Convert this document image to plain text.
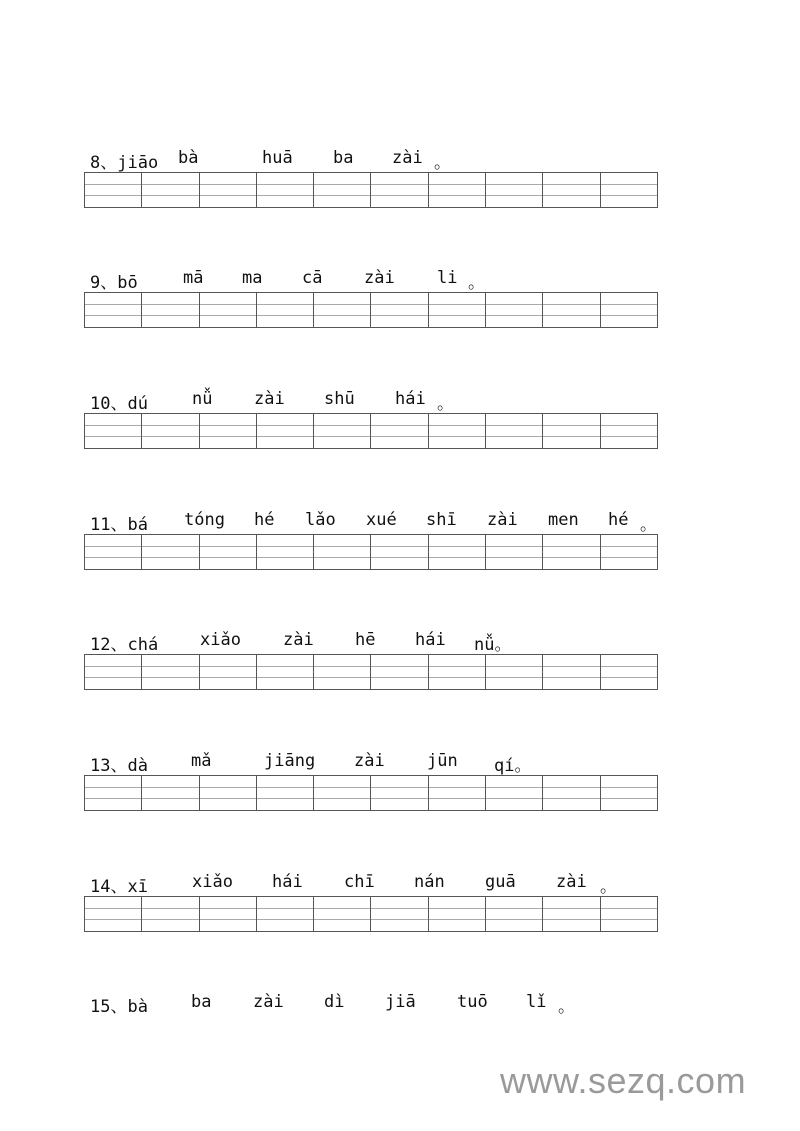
8、jiāo bà	huā ba zài 。
9、bō	mā ma cā zài li 。
10、dú	nǚ zài shū hái 。
11、bá tóng hé lǎo xué shī zài men hé 。
12、chá xiǎo zài hē hái nǚ。
13、dà	mǎ	jiāng zài jūn qí。
14、xī	xiǎo hái chī nán guā zài 。
15、bà	ba zài dì jiā tuō lǐ 。
www.sezq.com
